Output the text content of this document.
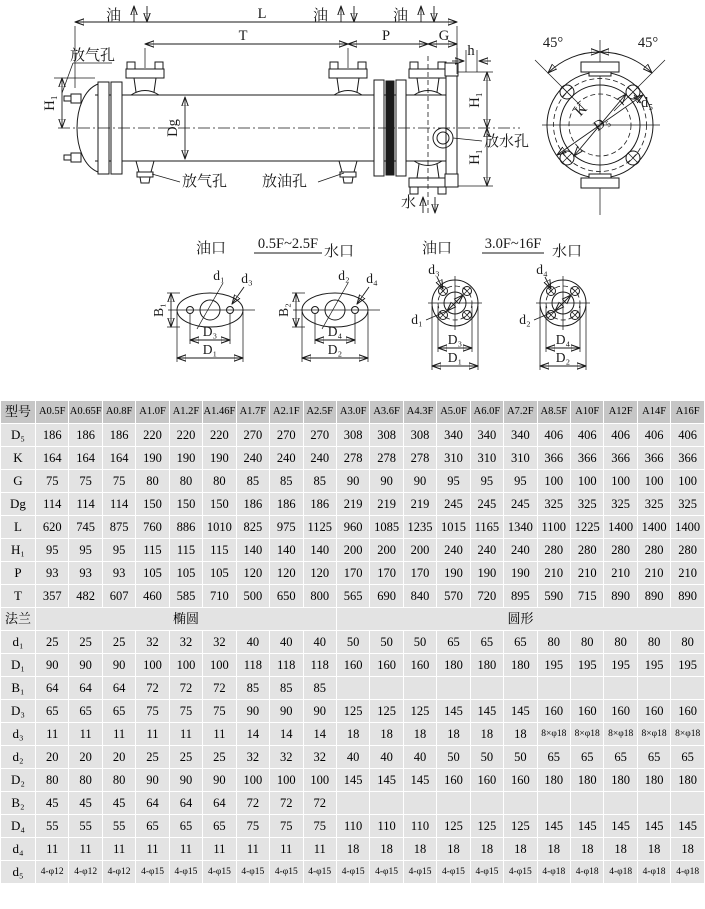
L
T	P	G
h
H₁
Dg
H₁
H₁
油	油	油
水
放气孔
放气孔 放油孔
放水孔
45°	45°
K
D₅
d₅
油口 0.5F~2.5F 水口	油口 3.0F~16F 水口
d₁ d₃
B₁
D₃
D₁
d₂ d₄
B₂
D₄
D₂
d₃
d₁
D₃
D₁
d₄
d₂
D₄
D₂
型号	A0.5F	A0.65F	A0.8F	A1.0F	A1.2F	A1.46F	A1.7F	A2.1F	A2.5F	A3.0F	A3.6F	A4.3F	A5.0F	A6.0F	A7.2F	A8.5F	A10F	A12F	A14F	A16F
D₅	186	186	186	220	220	220	270	270	270	308	308	308	340	340	340	406	406	406	406	406
K	164	164	164	190	190	190	240	240	240	278	278	278	310	310	310	366	366	366	366	366
G	75	75	75	80	80	80	85	85	85	90	90	90	95	95	95	100	100	100	100	100
Dg	114	114	114	150	150	150	186	186	186	219	219	219	245	245	245	325	325	325	325	325
L	620	745	875	760	886	1010	825	975	1125	960	1085	1235	1015	1165	1340	1100	1225	1400	1400	1400
H₁	95	95	95	115	115	115	140	140	140	200	200	200	240	240	240	280	280	280	280	280
P	93	93	93	105	105	105	120	120	120	170	170	170	190	190	190	210	210	210	210	210
T	357	482	607	460	585	710	500	650	800	565	690	840	570	720	895	590	715	890	890	890
法兰	椭圆									圆形										
d₁	25	25	25	32	32	32	40	40	40	50	50	50	65	65	65	80	80	80	80	80
D₁	90	90	90	100	100	100	118	118	118	160	160	160	180	180	180	195	195	195	195	195
B₁	64	64	64	72	72	72	85	85	85											
D₃	65	65	65	75	75	75	90	90	90	125	125	125	145	145	145	160	160	160	160	160
d₃	11	11	11	11	11	11	14	14	14	18	18	18	18	18	18	8×φ18	8×φ18	8×φ18	8×φ18	8×φ18
d₂	20	20	20	25	25	25	32	32	32	40	40	40	50	50	50	65	65	65	65	65
D₂	80	80	80	90	90	90	100	100	100	145	145	145	160	160	160	180	180	180	180	180
B₂	45	45	45	64	64	64	72	72	72											
D₄	55	55	55	65	65	65	75	75	75	110	110	110	125	125	125	145	145	145	145	145
d₄	11	11	11	11	11	11	11	11	11	18	18	18	18	18	18	18	18	18	18	18
d₅	4-φ12	4-φ12	4-φ12	4-φ15	4-φ15	4-φ15	4-φ15	4-φ15	4-φ15	4-φ15	4-φ15	4-φ15	4-φ15	4-φ15	4-φ15	4-φ18	4-φ18	4-φ18	4-φ18	4-φ18
